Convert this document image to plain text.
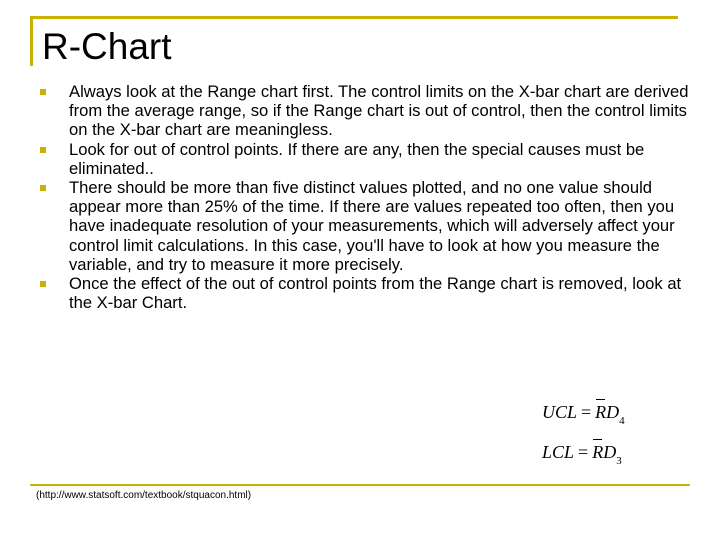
R-Chart
Always look at the Range chart first. The control limits on the X-bar chart are derived from the average range, so if the Range chart is out of control, then the control limits on the X-bar chart are meaningless.
Look for out of control points. If there are any, then the special causes must be eliminated..
There should be more than five distinct values plotted, and no one value should appear more than 25% of the time. If there are values repeated too often, then you have inadequate resolution of your measurements, which will adversely affect your control limit calculations. In this case, you'll have to look at how you measure the variable, and try to measure it more precisely.
Once the effect of the out of control points from the Range chart is removed, look at the X-bar Chart.
UCL = $RD_4$
LCL = $RD_3$
(http://www.statsoft.com/textbook/stquacon.html)
